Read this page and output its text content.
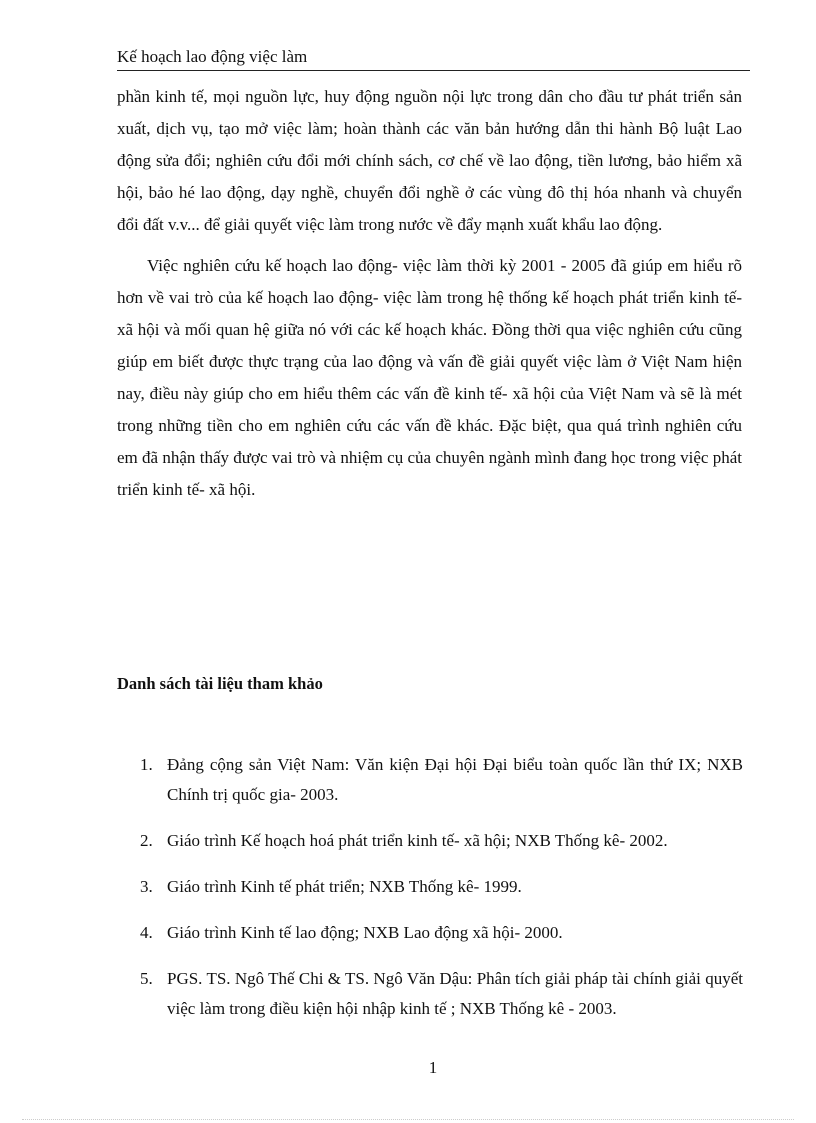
Kế hoạch lao động việc làm

phần kinh tế, mọi nguồn lực, huy động nguồn nội lực trong dân cho đầu tư phát triển sản xuất, dịch vụ, tạo mở việc làm; hoàn thành các văn bản hướng dẫn thi hành Bộ luật Lao động sửa đổi; nghiên cứu đổi mới chính sách, cơ chế về lao động, tiền lương, bảo hiểm xã hội, bảo hé lao động, dạy nghề, chuyển đổi nghề ở các vùng đô thị hóa nhanh và chuyển đổi đất v.v... để giải quyết việc làm trong nước về đẩy mạnh xuất khẩu lao động.

Việc nghiên cứu kế hoạch lao động- việc làm thời kỳ 2001 - 2005 đã giúp em hiểu rõ hơn về vai trò của kế hoạch lao động- việc làm trong hệ thống kế hoạch phát triển kinh tế- xã hội và mối quan hệ giữa nó với các kế hoạch khác. Đồng thời qua việc nghiên cứu cũng giúp em biết được thực trạng của lao động và vấn đề giải quyết việc làm ở Việt Nam hiện nay, điều này giúp cho em hiểu thêm các vấn đề kinh tế- xã hội của Việt Nam và sẽ là mét trong những tiền cho em nghiên cứu các vấn đề khác. Đặc biệt, qua quá trình nghiên cứu em đã nhận thấy được vai trò và nhiệm cụ của chuyên ngành mình đang học trong việc phát triển kinh tế- xã hội.

Danh sách tài liệu tham khảo
1. Đảng cộng sản Việt Nam: Văn kiện Đại hội Đại biểu toàn quốc lần thứ IX; NXB Chính trị quốc gia- 2003.
2. Giáo trình Kế hoạch hoá phát triển kinh tế- xã hội; NXB Thống kê- 2002.
3. Giáo trình Kinh tế phát triển; NXB Thống kê- 1999.
4. Giáo trình Kinh tế lao động; NXB Lao động xã hội- 2000.
5. PGS. TS. Ngô Thế Chi & TS. Ngô Văn Dậu: Phân tích giải pháp tài chính giải quyết việc làm trong điều kiện hội nhập kinh tế ; NXB Thống kê - 2003.
1
